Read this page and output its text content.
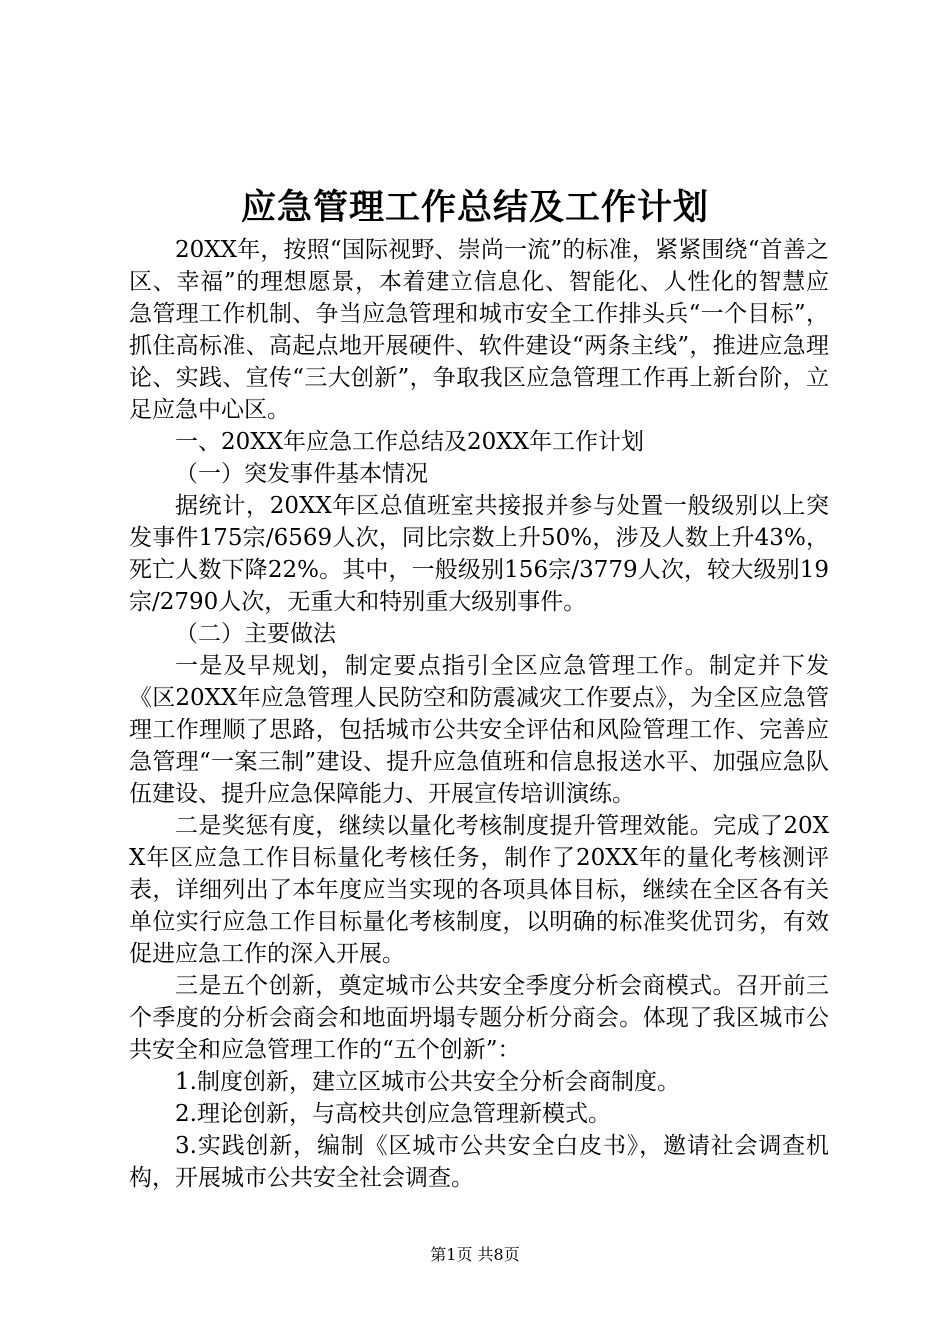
应急管理工作总结及工作计划

20XX年，按照“国际视野、崇尚一流”的标准，紧紧围绕“首善之区、幸福”的理想愿景，本着建立信息化、智能化、人性化的智慧应急管理工作机制、争当应急管理和城市安全工作排头兵“一个目标”，抓住高标准、高起点地开展硬件、软件建设“两条主线”，推进应急理论、实践、宣传“三大创新”，争取我区应急管理工作再上新台阶，立足应急中心区。

一、20XX年应急工作总结及20XX年工作计划

（一）突发事件基本情况

据统计，20XX年区总值班室共接报并参与处置一般级别以上突发事件175宗/6569人次，同比宗数上升50%，涉及人数上升43%，死亡人数下降22%。其中，一般级别156宗/3779人次，较大级别19宗/2790人次，无重大和特别重大级别事件。

（二）主要做法

一是及早规划，制定要点指引全区应急管理工作。制定并下发《区20XX年应急管理人民防空和防震减灾工作要点》，为全区应急管理工作理顺了思路，包括城市公共安全评估和风险管理工作、完善应急管理“一案三制”建设、提升应急值班和信息报送水平、加强应急队伍建设、提升应急保障能力、开展宣传培训演练。

二是奖惩有度，继续以量化考核制度提升管理效能。完成了20XX年区应急工作目标量化考核任务，制作了20XX年的量化考核测评表，详细列出了本年度应当实现的各项具体目标，继续在全区各有关单位实行应急工作目标量化考核制度，以明确的标准奖优罚劣，有效促进应急工作的深入开展。

三是五个创新，奠定城市公共安全季度分析会商模式。召开前三个季度的分析会商会和地面坍塌专题分析分商会。体现了我区城市公共安全和应急管理工作的“五个创新”：

1.制度创新，建立区城市公共安全分析会商制度。

2.理论创新，与高校共创应急管理新模式。

3.实践创新，编制《区城市公共安全白皮书》，邀请社会调查机构，开展城市公共安全社会调查。

第1页 共8页
